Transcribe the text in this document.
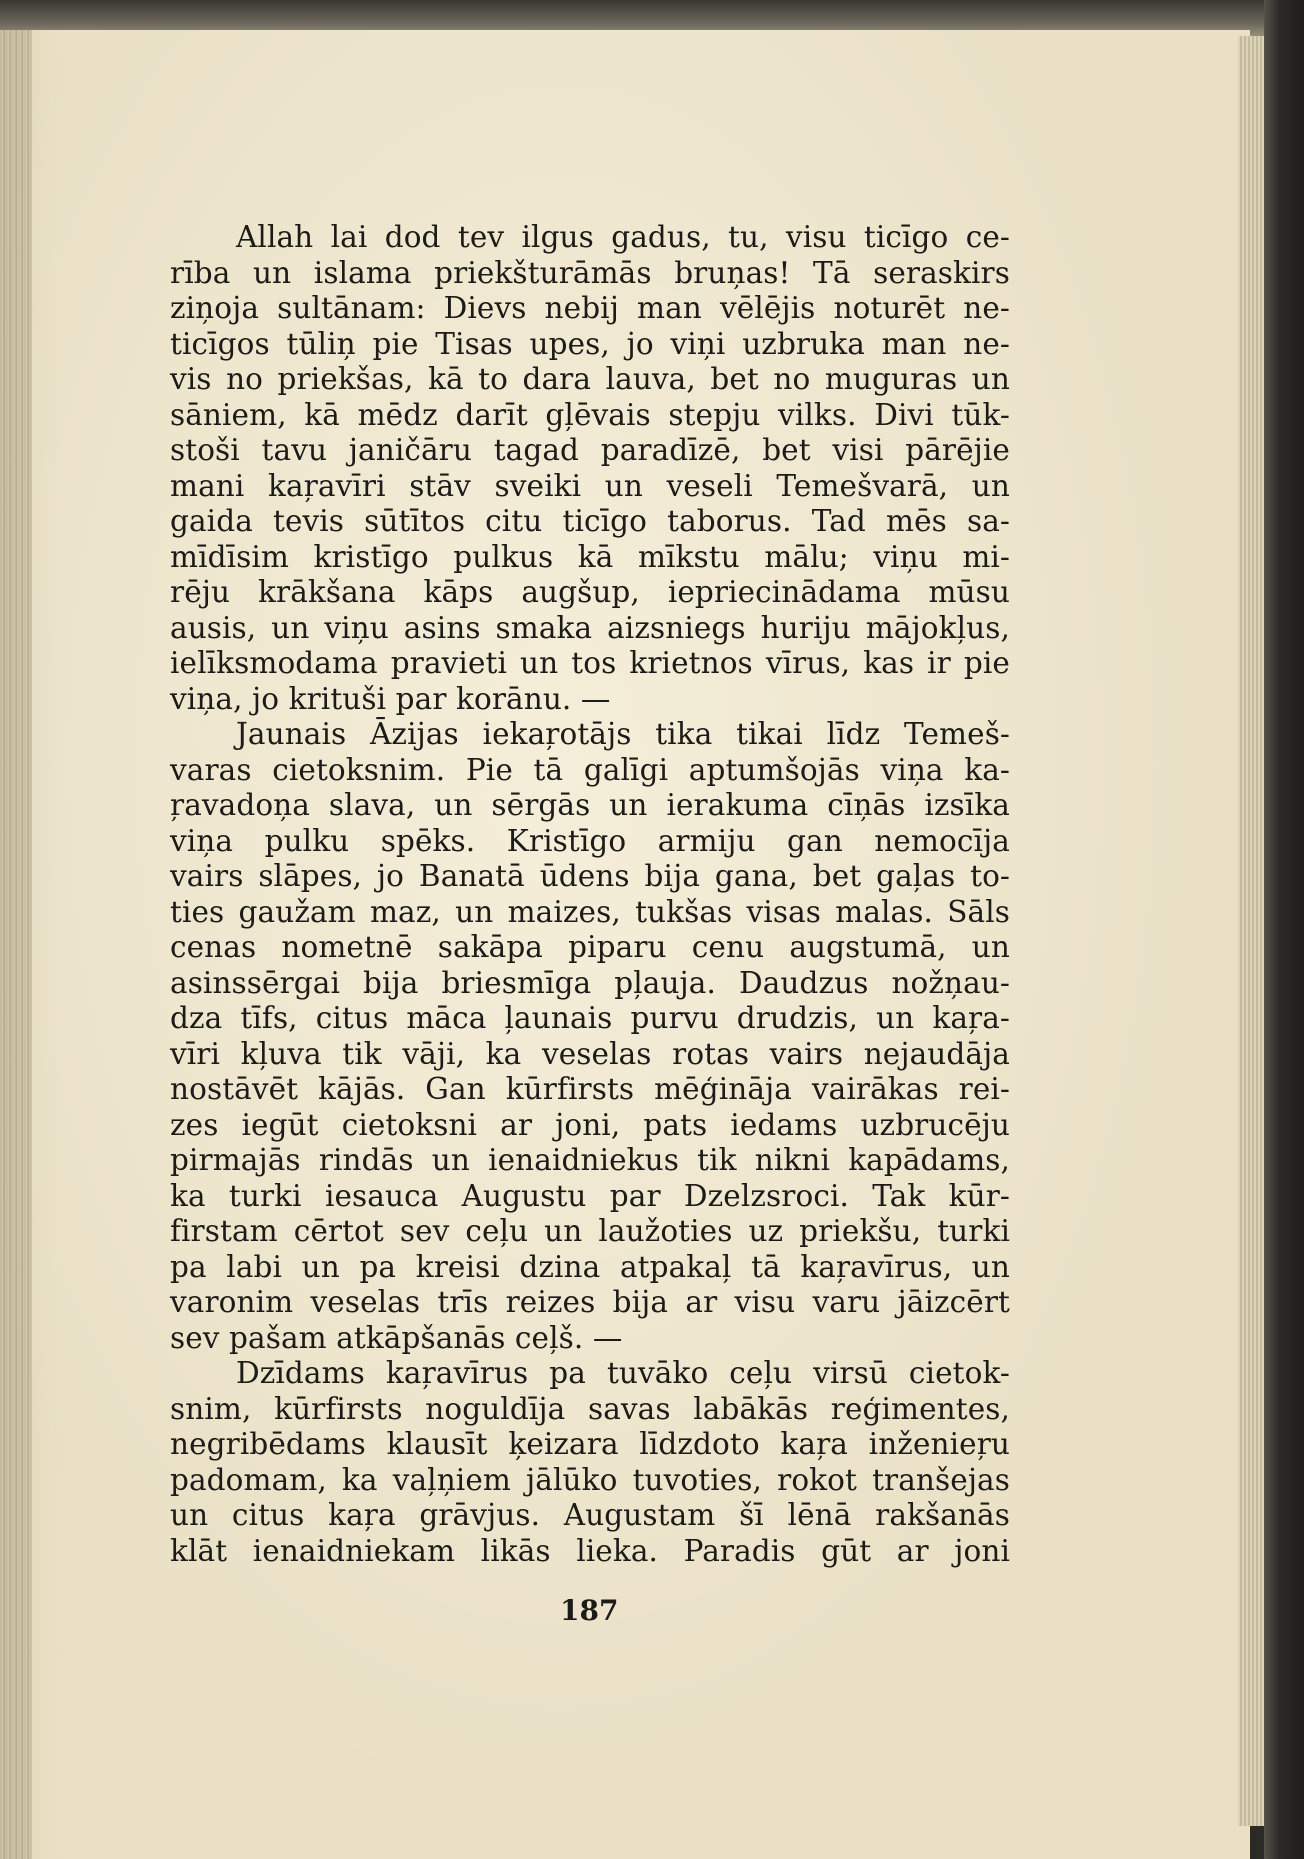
Allah lai dod tev ilgus gadus, tu, visu ticīgo ce-
rība un islama priekšturāmās bruņas! Tā seraskirs
ziņoja sultānam: Dievs nebij man vēlējis noturēt ne-
ticīgos tūliņ pie Tisas upes, jo viņi uzbruka man ne-
vis no priekšas, kā to dara lauva, bet no muguras un
sāniem, kā mēdz darīt gļēvais stepju vilks. Divi tūk-
stoši tavu janičāru tagad paradīzē, bet visi pārējie
mani kaŗavīri stāv sveiki un veseli Temešvarā, un
gaida tevis sūtītos citu ticīgo taborus. Tad mēs sa-
mīdīsim kristīgo pulkus kā mīkstu mālu; viņu mi-
rēju krākšana kāps augšup, iepriecinādama mūsu
ausis, un viņu asins smaka aizsniegs huriju mājokļus,
ielīksmodama pravieti un tos krietnos vīrus, kas ir pie
viņa, jo krituši par korānu. —
Jaunais Āzijas iekaŗotājs tika tikai līdz Temeš-
varas cietoksnim. Pie tā galīgi aptumšojās viņa ka-
ŗavadoņa slava, un sērgās un ierakuma cīņās izsīka
viņa pulku spēks. Kristīgo armiju gan nemocīja
vairs slāpes, jo Banatā ūdens bija gana, bet gaļas to-
ties gaužam maz, un maizes, tukšas visas malas. Sāls
cenas nometnē sakāpa piparu cenu augstumā, un
asinssērgai bija briesmīga pļauja. Daudzus nožņau-
dza tīfs, citus māca ļaunais purvu drudzis, un kaŗa-
vīri kļuva tik vāji, ka veselas rotas vairs nejaudāja
nostāvēt kājās. Gan kūrfirsts mēģināja vairākas rei-
zes iegūt cietoksni ar joni, pats iedams uzbrucēju
pirmajās rindās un ienaidniekus tik nikni kapādams,
ka turki iesauca Augustu par Dzelzsroci. Tak kūr-
firstam cērtot sev ceļu un laužoties uz priekšu, turki
pa labi un pa kreisi dzina atpakaļ tā kaŗavīrus, un
varonim veselas trīs reizes bija ar visu varu jāizcērt
sev pašam atkāpšanās ceļš. —
Dzīdams kaŗavīrus pa tuvāko ceļu virsū cietok-
snim, kūrfirsts noguldīja savas labākās reģimentes,
negribēdams klausīt ķeizara līdzdoto kaŗa inženieŗu
padomam, ka vaļņiem jālūko tuvoties, rokot tranšejas
un citus kaŗa grāvjus. Augustam šī lēnā rakšanās
klāt ienaidniekam likās lieka. Paradis gūt ar joni
187
